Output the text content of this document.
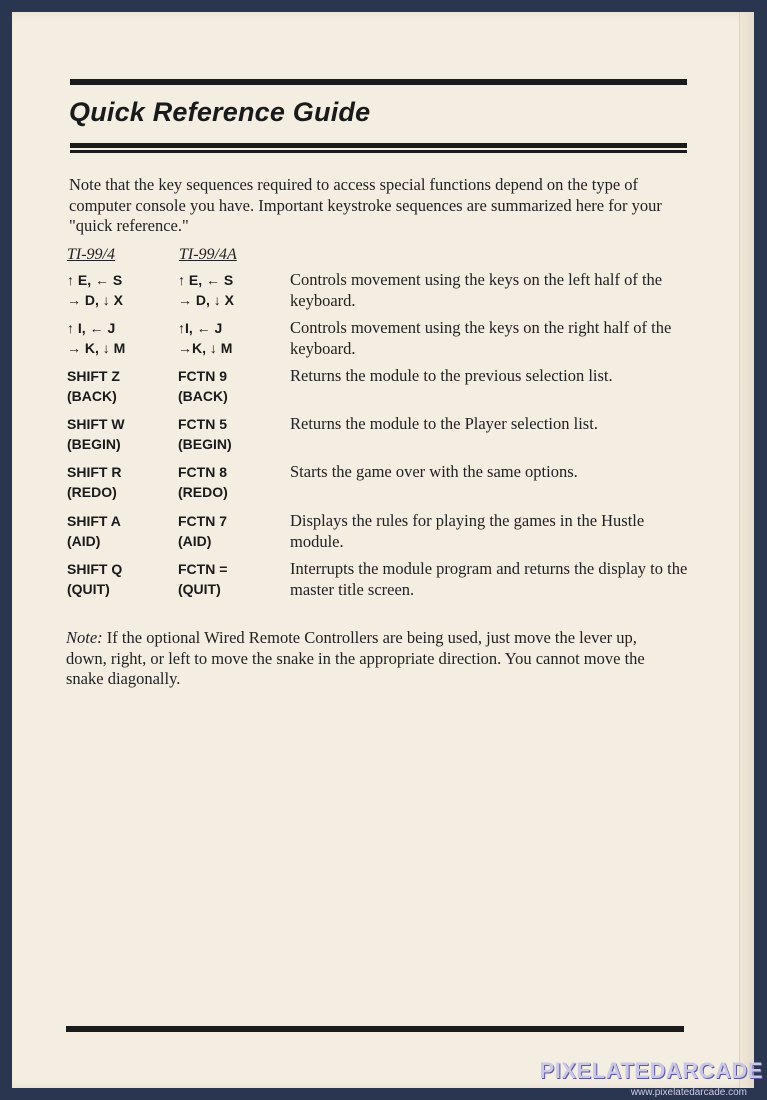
Quick Reference Guide
Note that the key sequences required to access special functions depend on the type of computer console you have. Important keystroke sequences are summarized here for your "quick reference."
TI-99/4	TI-99/4A
↑ E, ← S
→ D, ↓ X
↑ E, ← S
→ D, ↓ X
Controls movement using the keys on the left half of the keyboard.
↑ I, ← J
→ K, ↓ M
↑I, ← J
→K, ↓ M
Controls movement using the keys on the right half of the keyboard.
SHIFT Z
(BACK)
FCTN 9
(BACK)
Returns the module to the previous selection list.
SHIFT W
(BEGIN)
FCTN 5
(BEGIN)
Returns the module to the Player selection list.
SHIFT R
(REDO)
FCTN 8
(REDO)
Starts the game over with the same options.
SHIFT A
(AID)
FCTN 7
(AID)
Displays the rules for playing the games in the Hustle module.
SHIFT Q
(QUIT)
FCTN =
(QUIT)
Interrupts the module program and returns the display to the master title screen.
Note: If the optional Wired Remote Controllers are being used, just move the lever up, down, right, or left to move the snake in the appropriate direction. You cannot move the snake diagonally.
PIXELATEDARCADE
www.pixelatedarcade.com
